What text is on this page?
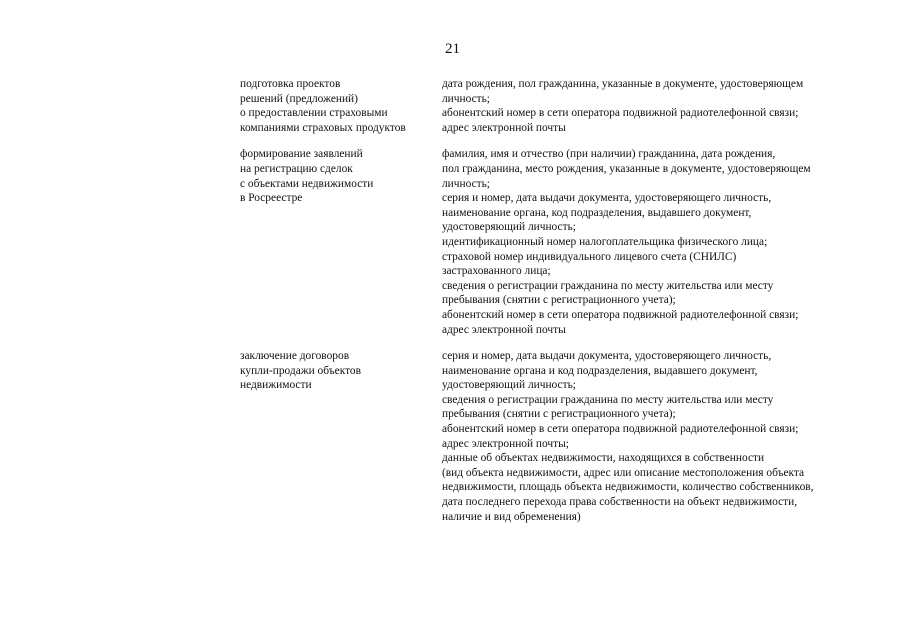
21
подготовка проектов
решений (предложений)
о предоставлении страховыми
компаниями страховых продуктов
дата рождения, пол гражданина, указанные в документе, удостоверяющем
личность;
абонентский номер в сети оператора подвижной радиотелефонной связи;
адрес электронной почты
формирование заявлений
на регистрацию сделок
с объектами недвижимости
в Росреестре
фамилия, имя и отчество (при наличии) гражданина, дата рождения,
пол гражданина, место рождения, указанные в документе, удостоверяющем
личность;
серия и номер, дата выдачи документа, удостоверяющего личность,
наименование органа, код подразделения, выдавшего документ,
удостоверяющий личность;
идентификационный номер налогоплательщика физического лица;
страховой номер индивидуального лицевого счета (СНИЛС)
застрахованного лица;
сведения о регистрации гражданина по месту жительства или месту
пребывания (снятии с регистрационного учета);
абонентский номер в сети оператора подвижной радиотелефонной связи;
адрес электронной почты
заключение договоров
купли-продажи объектов
недвижимости
серия и номер, дата выдачи документа, удостоверяющего личность,
наименование органа и код подразделения, выдавшего документ,
удостоверяющий личность;
сведения о регистрации гражданина по месту жительства или месту
пребывания (снятии с регистрационного учета);
абонентский номер в сети оператора подвижной радиотелефонной связи;
адрес электронной почты;
данные об объектах недвижимости, находящихся в собственности
(вид объекта недвижимости, адрес или описание местоположения объекта
недвижимости, площадь объекта недвижимости, количество собственников,
дата последнего перехода права собственности на объект недвижимости,
наличие и вид обременения)
